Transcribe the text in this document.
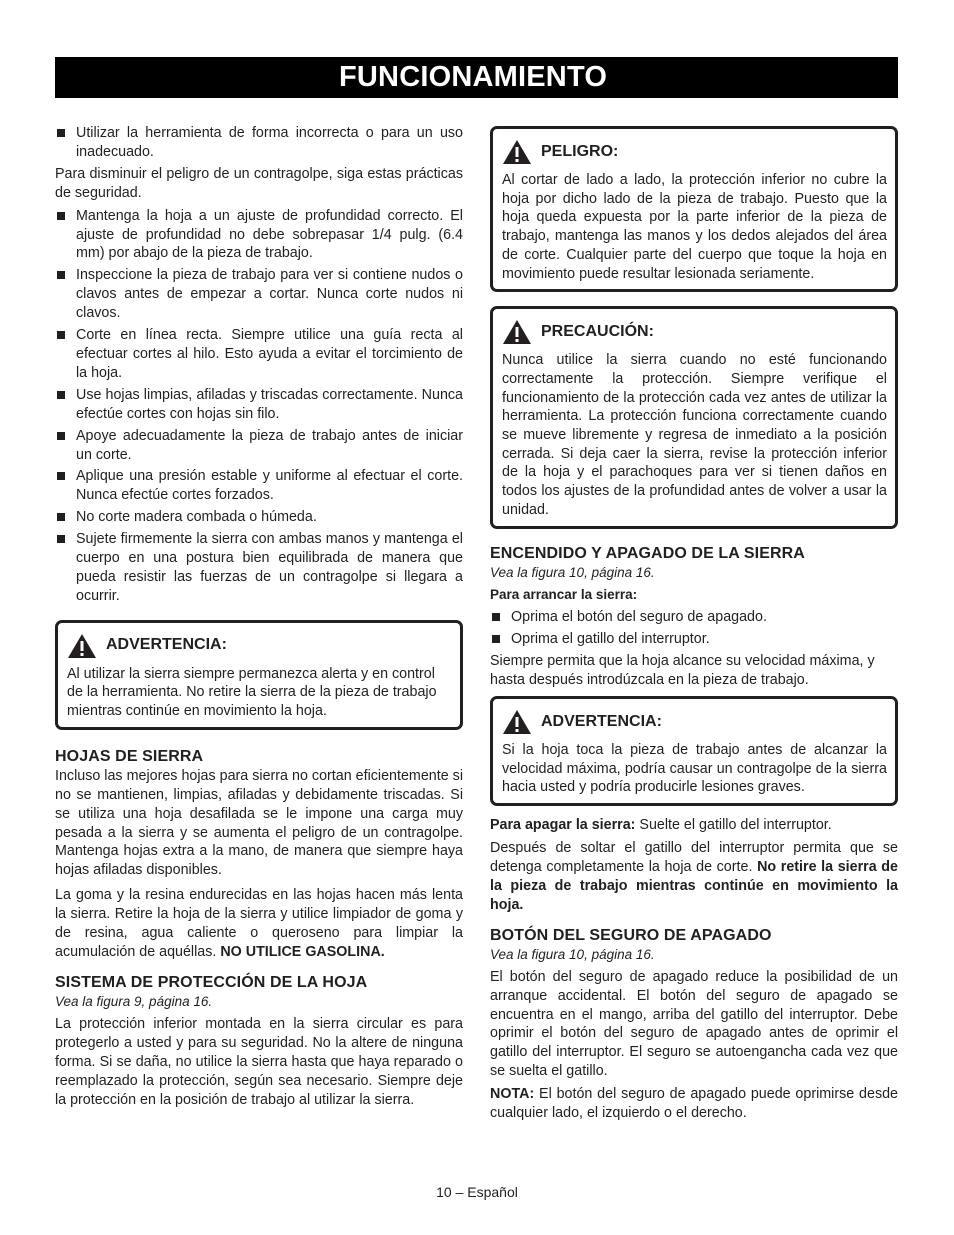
FUNCIONAMIENTO
Utilizar la herramienta de forma incorrecta o para un uso inadecuado.

Para disminuir el peligro de un contragolpe, siga estas prácticas de seguridad.

Mantenga la hoja a un ajuste de profundidad correcto. El ajuste de profundidad no debe sobrepasar 1/4 pulg. (6.4 mm) por abajo de la pieza de trabajo.
Inspeccione la pieza de trabajo para ver si contiene nudos o clavos antes de empezar a cortar. Nunca corte nudos ni clavos.
Corte en línea recta. Siempre utilice una guía recta al efectuar cortes al hilo. Esto ayuda a evitar el torcimiento de la hoja.
Use hojas limpias, afiladas y triscadas correctamente. Nunca efectúe cortes con hojas sin filo.
Apoye adecuadamente la pieza de trabajo antes de iniciar un corte.
Aplique una presión estable y uniforme al efectuar el corte. Nunca efectúe cortes forzados.
No corte madera combada o húmeda.
Sujete firmemente la sierra con ambas manos y mantenga el cuerpo en una postura bien equilibrada de manera que pueda resistir las fuerzas de un contragolpe si llegara a ocurrir.
ADVERTENCIA:

Al utilizar la sierra siempre permanezca alerta y en control de la herramienta. No retire la sierra de la pieza de trabajo mientras continúe en movimiento la hoja.

HOJAS DE SIERRA

Incluso las mejores hojas para sierra no cortan eficientemente si no se mantienen, limpias, afiladas y debidamente triscadas. Si se utiliza una hoja desafilada se le impone una carga muy pesada a la sierra y se aumenta el peligro de un contragolpe. Mantenga hojas extra a la mano, de manera que siempre haya hojas afiladas disponibles.

La goma y la resina endurecidas en las hojas hacen más lenta la sierra. Retire la hoja de la sierra y utilice limpiador de goma y de resina, agua caliente o queroseno para limpiar la acumulación de aquéllas. NO UTILICE GASOLINA.

SISTEMA DE PROTECCIÓN DE LA HOJA
Vea la figura 9, página 16.

La protección inferior montada en la sierra circular es para protegerlo a usted y para su seguridad. No la altere de ninguna forma. Si se daña, no utilice la sierra hasta que haya reparado o reemplazado la protección, según sea necesario. Siempre deje la protección en la posición de trabajo al utilizar la sierra.

PELIGRO:

Al cortar de lado a lado, la protección inferior no cubre la hoja por dicho lado de la pieza de trabajo. Puesto que la hoja queda expuesta por la parte inferior de la pieza de trabajo, mantenga las manos y los dedos alejados del área de corte. Cualquier parte del cuerpo que toque la hoja en movimiento puede resultar lesionada seriamente.

PRECAUCIÓN:

Nunca utilice la sierra cuando no esté funcionando correctamente la protección. Siempre verifique el funcionamiento de la protección cada vez antes de utilizar la herramienta. La protección funciona correctamente cuando se mueve libremente y regresa de inmediato a la posición cerrada. Si deja caer la sierra, revise la protección inferior de la hoja y el parachoques para ver si tienen daños en todos los ajustes de la profundidad antes de volver a usar la unidad.

ENCENDIDO Y APAGADO DE LA SIERRA
Vea la figura 10, página 16.
Para arrancar la sierra:
Oprima el botón del seguro de apagado.
Oprima el gatillo del interruptor.

Siempre permita que la hoja alcance su velocidad máxima, y hasta después introdúzcala en la pieza de trabajo.

ADVERTENCIA:

Si la hoja toca la pieza de trabajo antes de alcanzar la velocidad máxima, podría causar un contragolpe de la sierra hacia usted y podría producirle lesiones graves.

Para apagar la sierra: Suelte el gatillo del interruptor.

Después de soltar el gatillo del interruptor permita que se detenga completamente la hoja de corte. No retire la sierra de la pieza de trabajo mientras continúe en movimiento la hoja.

BOTÓN DEL SEGURO DE APAGADO
Vea la figura 10, página 16.

El botón del seguro de apagado reduce la posibilidad de un arranque accidental. El botón del seguro de apagado se encuentra en el mango, arriba del gatillo del interruptor. Debe oprimir el botón del seguro de apagado antes de oprimir el gatillo del interruptor. El seguro se autoengancha cada vez que se suelta el gatillo.

NOTA: El botón del seguro de apagado puede oprimirse desde cualquier lado, el izquierdo o el derecho.

10 – Español
